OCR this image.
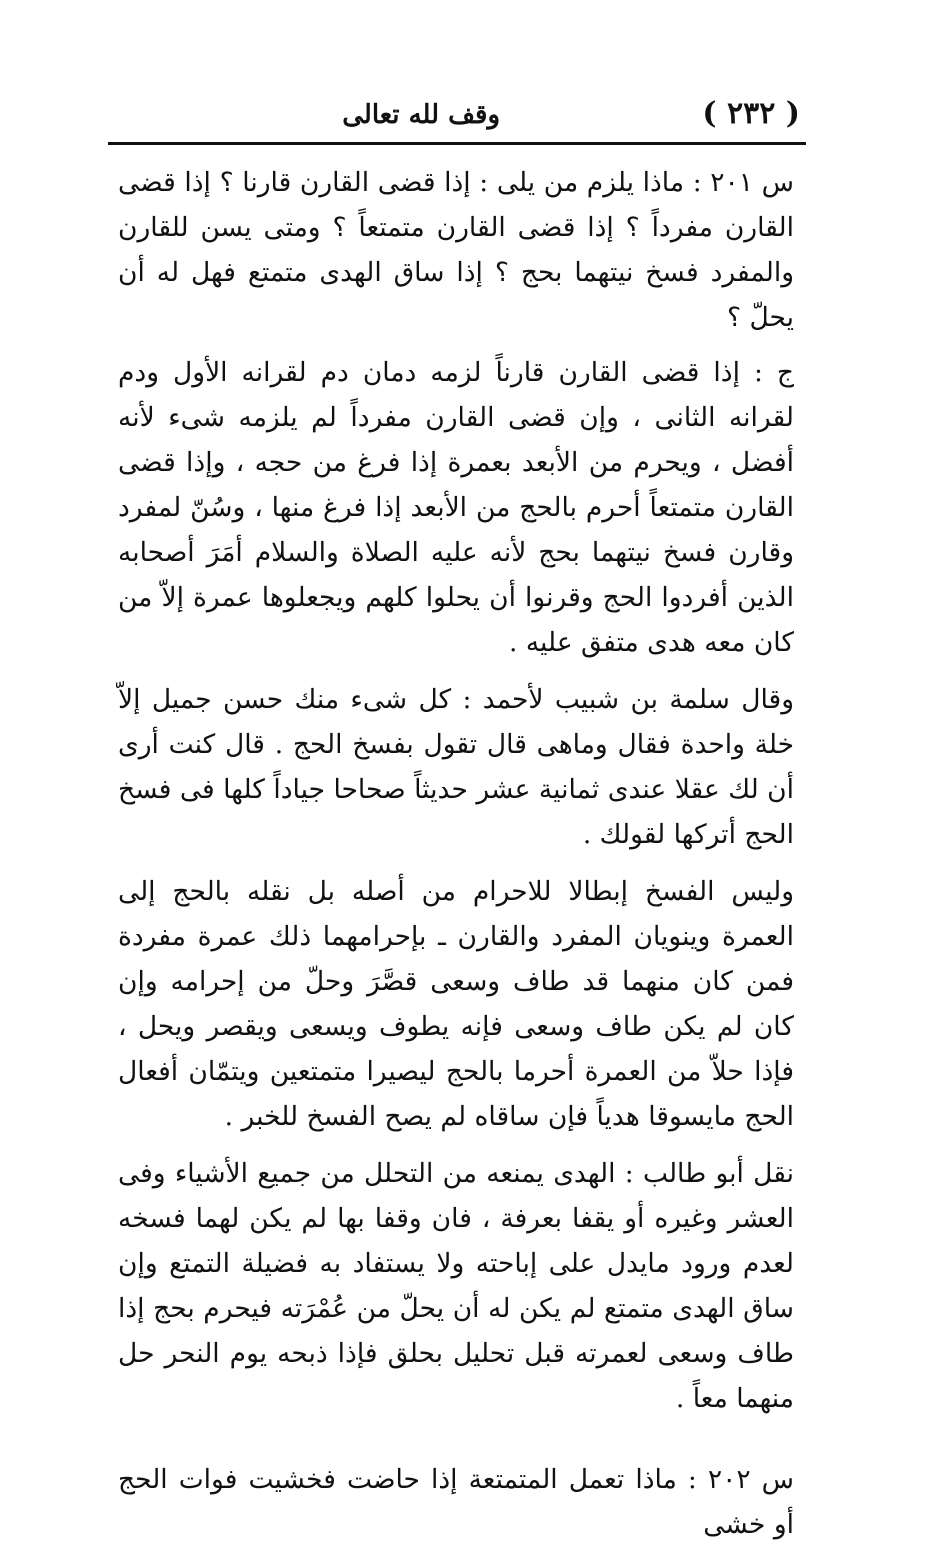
( ٢٣٢ )
وقف لله تعالى

س ٢٠١ : ماذا يلزم من يلى : إذا قضى القارن قارنا ؟ إذا قضى القارن مفرداً ؟ إذا قضى القارن متمتعاً ؟ ومتى يسن للقارن والمفرد فسخ نيتهما بحج ؟ إذا ساق الهدى متمتع فهل له أن يحلّ ؟

ج : إذا قضى القارن قارناً لزمه دمان دم لقرانه الأول ودم لقرانه الثانى ، وإن قضى القارن مفرداً لم يلزمه شىء لأنه أفضل ، ويحرم من الأبعد بعمرة إذا فرغ من حجه ، وإذا قضى القارن متمتعاً أحرم بالحج من الأبعد إذا فرغ منها ، وسُنّ لمفرد وقارن فسخ نيتهما بحج لأنه عليه الصلاة والسلام أمَرَ أصحابه الذين أفردوا الحج وقرنوا أن يحلوا كلهم ويجعلوها عمرة إلاّ من كان معه هدى متفق عليه .

وقال سلمة بن شبيب لأحمد : كل شىء منك حسن جميل إلاّ خلة واحدة فقال وماهى قال تقول بفسخ الحج . قال كنت أرى أن لك عقلا عندى ثمانية عشر حديثاً صحاحا جياداً كلها فى فسخ الحج أتركها لقولك .

وليس الفسخ إبطالا للاحرام من أصله بل نقله بالحج إلى العمرة وينويان المفرد والقارن ـ بإحرامهما ذلك عمرة مفردة فمن كان منهما قد طاف وسعى قصَّرَ وحلّ من إحرامه وإن كان لم يكن طاف وسعى فإنه يطوف ويسعى ويقصر ويحل ، فإذا حلاّ من العمرة أحرما بالحج ليصيرا متمتعين ويتمّان أفعال الحج مايسوقا هدياً فإن ساقاه لم يصح الفسخ للخبر .

نقل أبو طالب : الهدى يمنعه من التحلل من جميع الأشياء وفى العشر وغيره أو يقفا بعرفة ، فان وقفا بها لم يكن لهما فسخه لعدم ورود مايدل على إباحته ولا يستفاد به فضيلة التمتع وإن ساق الهدى متمتع لم يكن له أن يحلّ من عُمْرَته فيحرم بحج إذا طاف وسعى لعمرته قبل تحليل بحلق فإذا ذبحه يوم النحر حل منهما معاً .

س ٢٠٢ : ماذا تعمل المتمتعة إذا حاضت فخشيت فوات الحج أو خشى
